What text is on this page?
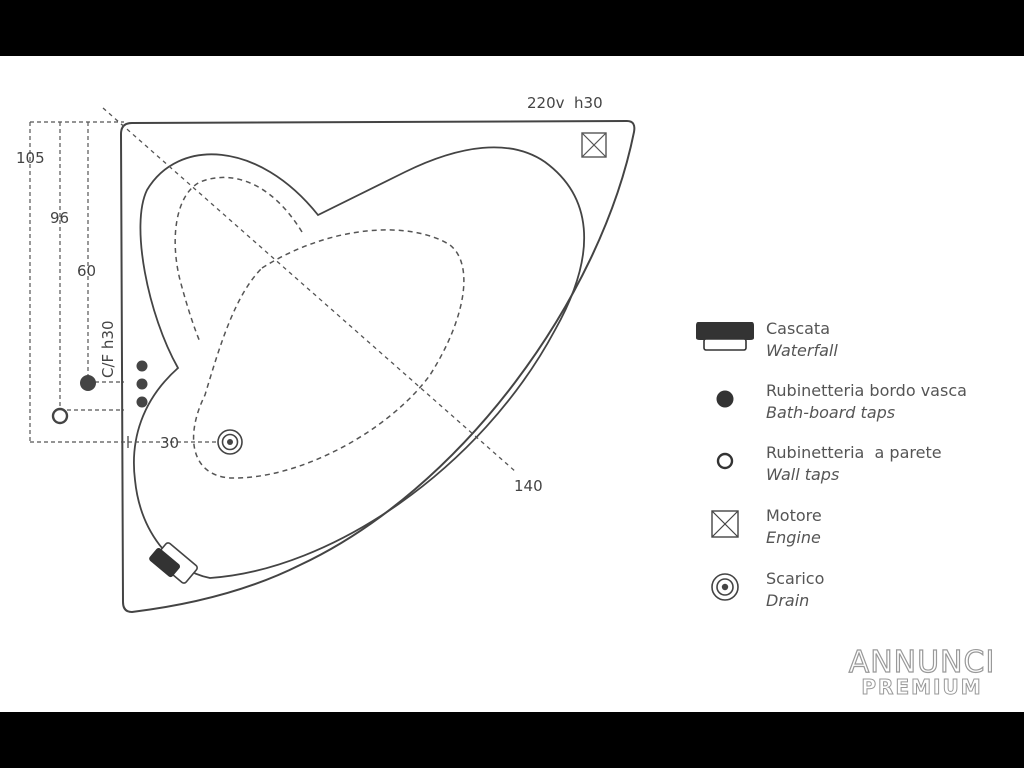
105
96
60
C/F h30
30
140
220v  h30
Cascata
Waterfall
Rubinetteria bordo vasca
Bath-board taps
Rubinetteria  a parete
Wall taps
Motore
Engine
Scarico
Drain
ANNUNCI
PREMIUM
